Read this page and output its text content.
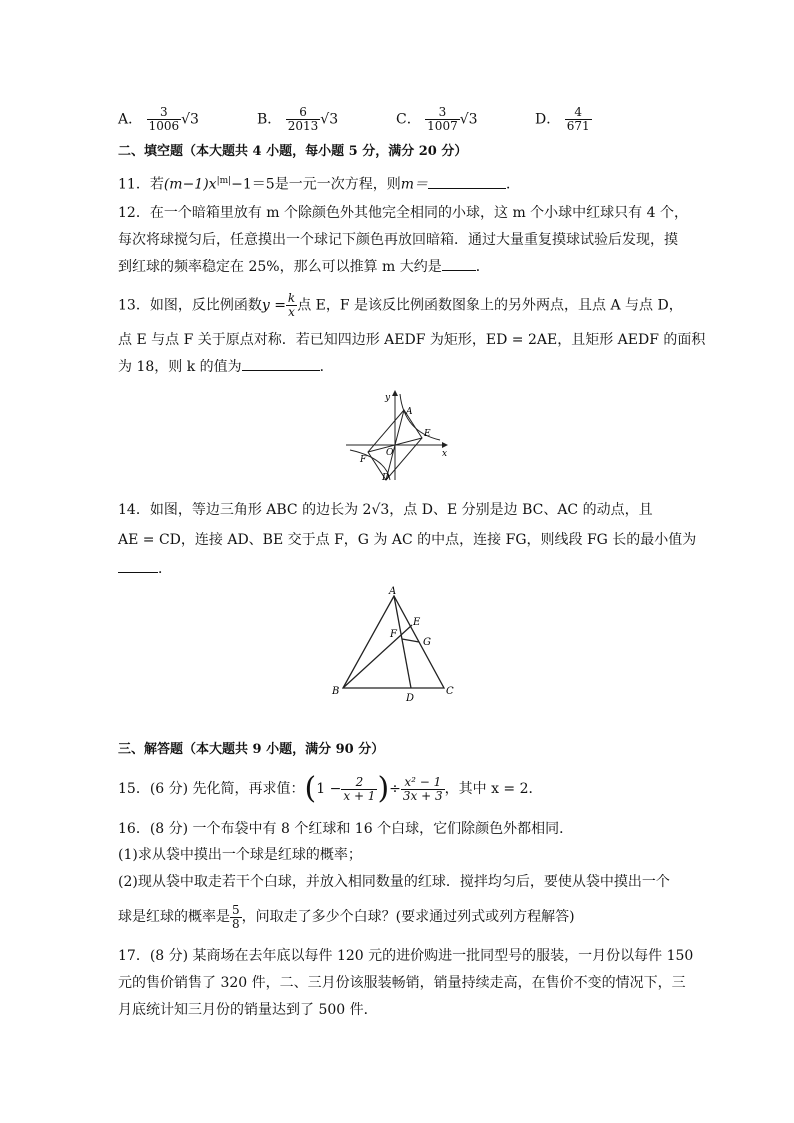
A． $\frac{3}{1006} √3$	B． $\frac{6}{2013} √3$	C． $\frac{3}{1007} √3$	D． $\frac{4}{671}$
二、填空题（本大题共 4 小题，每小题 5 分，满分 20 分）
11．若$(m-1)x^{|m|}-1=5$是一元一次方程，则m＝	．
12．在一个暗箱里放有 m 个除颜色外其他完全相同的小球，这 m 个小球中红球只有 4 个，
每次将球搅匀后，任意摸出一个球记下颜色再放回暗箱．通过大量重复摸球试验后发现，摸
到红球的频率稳定在 25%，那么可以推算 m 大约是 ．
13．如图，反比例函数$y = \frac{k}{x}$ 点 E，F 是该反比例函数图象上的另外两点，且点 A 与点 D，
点 E 与点 F 关于原点对称．若已知四边形 AEDF 为矩形，ED = 2AE，且矩形 AEDF 的面积
为 18，则 k 的值为	．
y
x
O
A
E
F
D
14．如图，等边三角形 ABC 的边长为 2√3，点 D、E 分别是边 BC、AC 的动点，且
AE = CD，连接 AD、BE 交于点 F，G 为 AC 的中点，连接 FG，则线段 FG 长的最小值为
．
A
B	C
D
E
F
G
三、解答题（本大题共 9 小题，满分 90 分）
15．(6 分) 先化简，再求值：($1 - \frac{2}{x + 1}$ )÷ $\frac{\text{x² − 1}}{3x + 3}$ ，其中 x = 2．
16．(8 分) 一个布袋中有 8 个红球和 16 个白球，它们除颜色外都相同．
(1)求从袋中摸出一个球是红球的概率；
(2)现从袋中取走若干个白球，并放入相同数量的红球．搅拌均匀后，要使从袋中摸出一个
球是红球的概率是 $\frac{5}{8}$ ，问取走了多少个白球？(要求通过列式或列方程解答)
17．(8 分) 某商场在去年底以每件 120 元的进价购进一批同型号的服装，一月份以每件 150
元的售价销售了 320 件，二、三月份该服装畅销，销量持续走高，在售价不变的情况下，三
月底统计知三月份的销量达到了 500 件．
